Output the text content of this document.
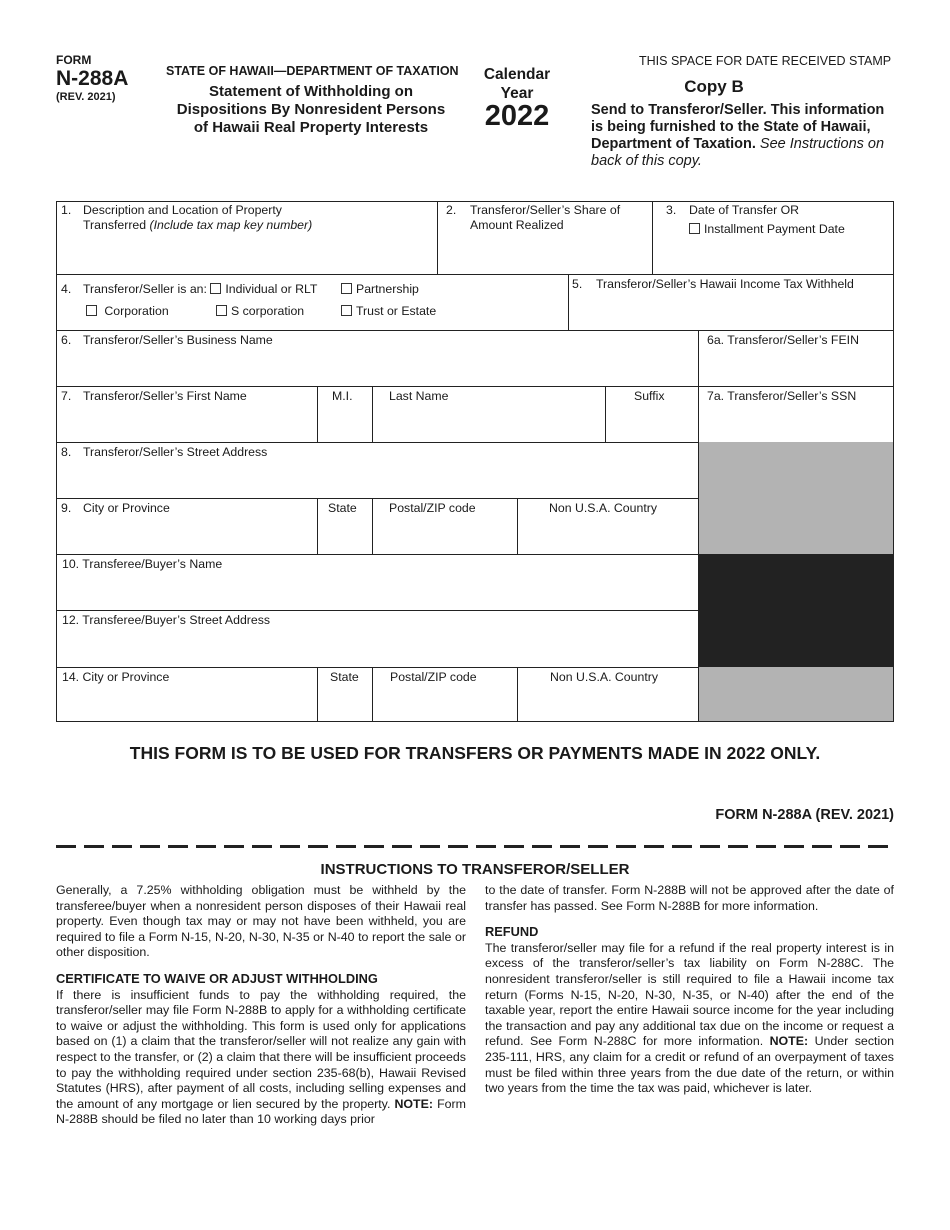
FORM
N-288A
(REV. 2021)
STATE OF HAWAII—DEPARTMENT OF TAXATION
Statement of Withholding on
Dispositions By Nonresident Persons
of Hawaii Real Property Interests
Calendar
Year
2022
THIS SPACE FOR DATE RECEIVED STAMP
Copy B
Send to Transferor/Seller. This information is being furnished to the State of Hawaii, Department of Taxation. See Instructions on back of this copy.
1. Description and Location of Property
Transferred (Include tax map key number)
2. Transferor/Seller’s Share of
Amount Realized
3. Date of Transfer OR
Installment Payment Date
4. Transferor/Seller is an: Individual or RLT	Partnership
Corporation	S corporation	Trust or Estate
5. Transferor/Seller’s Hawaii Income Tax Withheld
6. Transferor/Seller’s Business Name	6a. Transferor/Seller’s FEIN
7. Transferor/Seller’s First Name	M.I.	Last Name	Suffix	7a. Transferor/Seller’s SSN
8. Transferor/Seller’s Street Address
9. City or Province	State	Postal/ZIP code	Non U.S.A. Country
10. Transferee/Buyer’s Name
12. Transferee/Buyer’s Street Address
14. City or Province	State	Postal/ZIP code	Non U.S.A. Country
THIS FORM IS TO BE USED FOR TRANSFERS OR PAYMENTS MADE IN 2022 ONLY.
FORM N-288A (REV. 2021)
INSTRUCTIONS TO TRANSFEROR/SELLER

Generally, a 7.25% withholding obligation must be withheld by the transferee/buyer when a nonresident person disposes of their Hawaii real property. Even though tax may or may not have been withheld, you are required to file a Form N-15, N-20, N-30, N-35 or N-40 to report the sale or other disposition.

CERTIFICATE TO WAIVE OR ADJUST WITHHOLDING

If there is insufficient funds to pay the withholding required, the transferor/seller may file Form N-288B to apply for a withholding certificate to waive or adjust the withholding. This form is used only for applications based on (1) a claim that the transferor/seller will not realize any gain with respect to the transfer, or (2) a claim that there will be insufficient proceeds to pay the withholding required under section 235-68(b), Hawaii Revised Statutes (HRS), after payment of all costs, including selling expenses and the amount of any mortgage or lien secured by the property. NOTE: Form N-288B should be filed no later than 10 working days prior

to the date of transfer. Form N-288B will not be approved after the date of transfer has passed. See Form N-288B for more information.

REFUND

The transferor/seller may file for a refund if the real property interest is in excess of the transferor/seller’s tax liability on Form N-288C. The nonresident transferor/seller is still required to file a Hawaii income tax return (Forms N-15, N-20, N-30, N-35, or N-40) after the end of the taxable year, report the entire Hawaii source income for the year including the transaction and pay any additional tax due on the income or request a refund. See Form N-288C for more information. NOTE: Under section 235-111, HRS, any claim for a credit or refund of an overpayment of taxes must be filed within three years from the due date of the return, or within two years from the time the tax was paid, whichever is later.
